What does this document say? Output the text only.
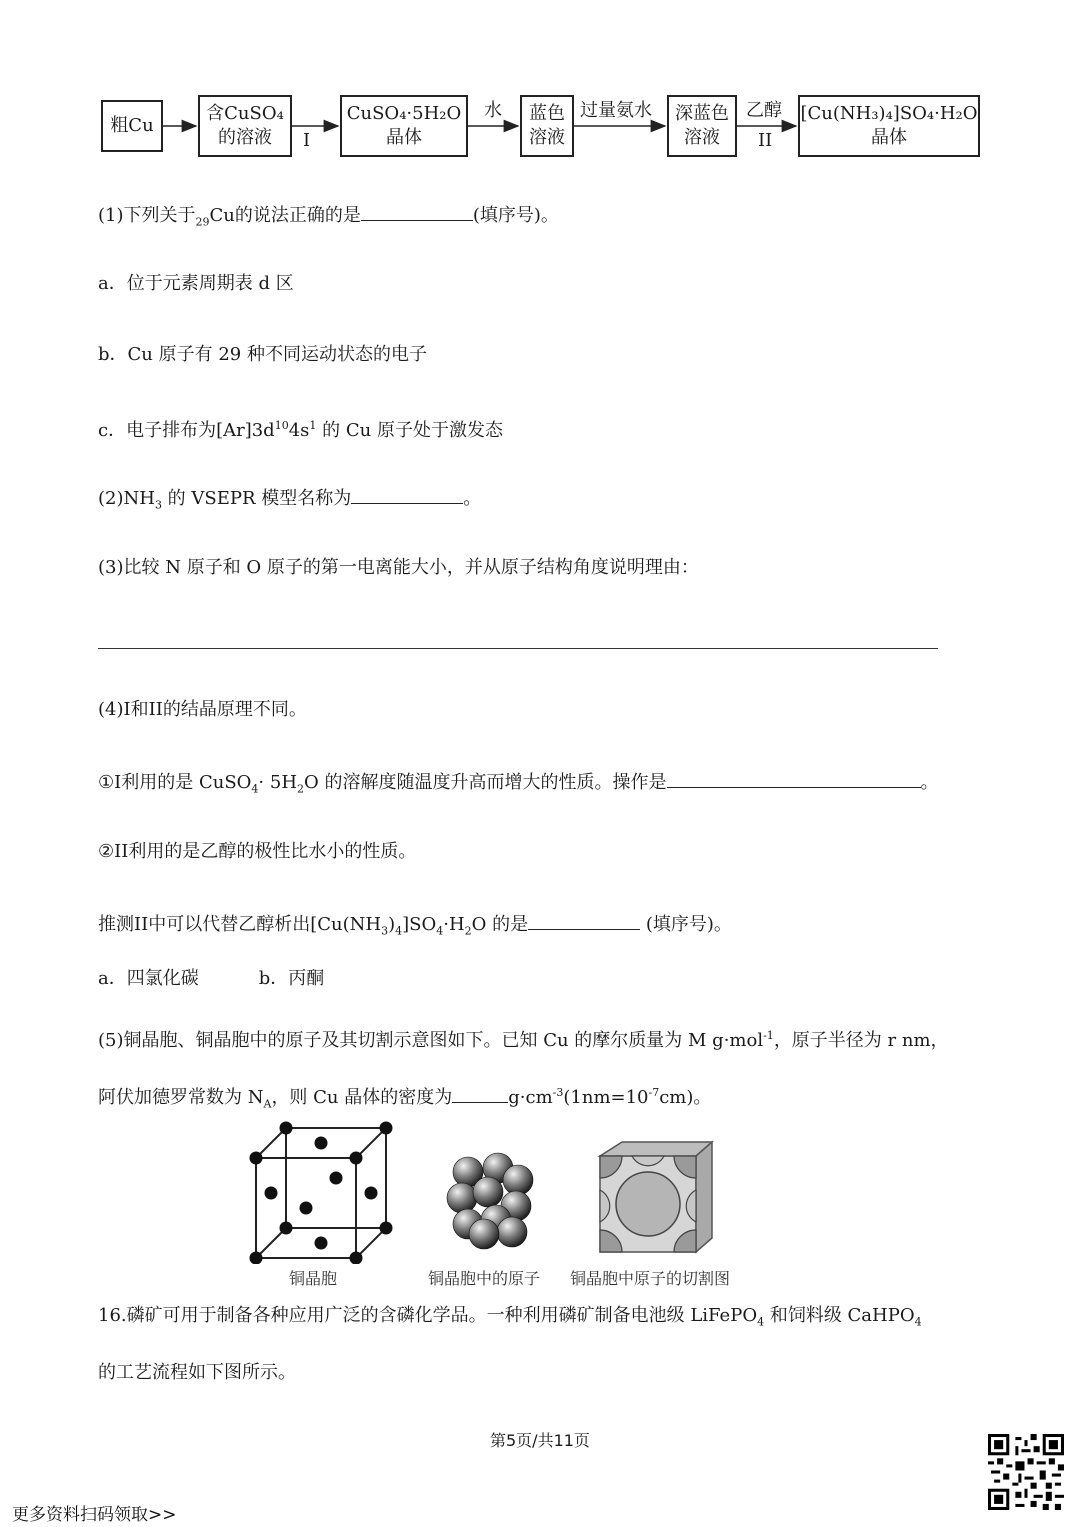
粗Cu
含CuSO₄
的溶液
CuSO₄·5H₂O
晶体
蓝色
溶液
深蓝色
溶液
[Cu(NH₃)₄]SO₄·H₂O
晶体
I
水	过量氨水	乙醇
II
(1)下列关于$_{29}$Cu的说法正确的是	(填序号)。
a．位于元素周期表 d 区
b．Cu 原子有 29 种不同运动状态的电子
c．电子排布为$[Ar]3d^{10}4s^1$ 的 Cu 原子处于激发态
$(2)NH_3$ 的 VSEPR 模型名称为	。
(3)比较 N 原子和 O 原子的第一电离能大小，并从原子结构角度说明理由：
(4)I和II的结晶原理不同。
①I利用的是 CuSO$_4$· $5H_2O$ 的溶解度随温度升高而增大的性质。操作是	。
②II利用的是乙醇的极性比水小的性质。
推测II中可以代替乙醇析出$[Cu(NH_3)_4]SO_4\cdot H_2O$ 的是	(填序号)。
a．四氯化碳	b．丙酮
(5)铜晶胞、铜晶胞中的原子及其切割示意图如下。已知 Cu 的摩尔质量为 M g·mol$^{-1}$，原子半径为 r nm，
阿伏加德罗常数为 $N_A$，则 Cu 晶体的密度为	$g\cdot cm^{-3}(1nm=10^{-7}cm)$。
铜晶胞	铜晶胞中的原子 铜晶胞中原子的切割图
16.磷矿可用于制备各种应用广泛的含磷化学品。一种利用磷矿制备电池级 LiFePO$_4$ 和饲料级 CaHPO$_4$
的工艺流程如下图所示。
第5页/共11页
更多资料扫码领取>>
